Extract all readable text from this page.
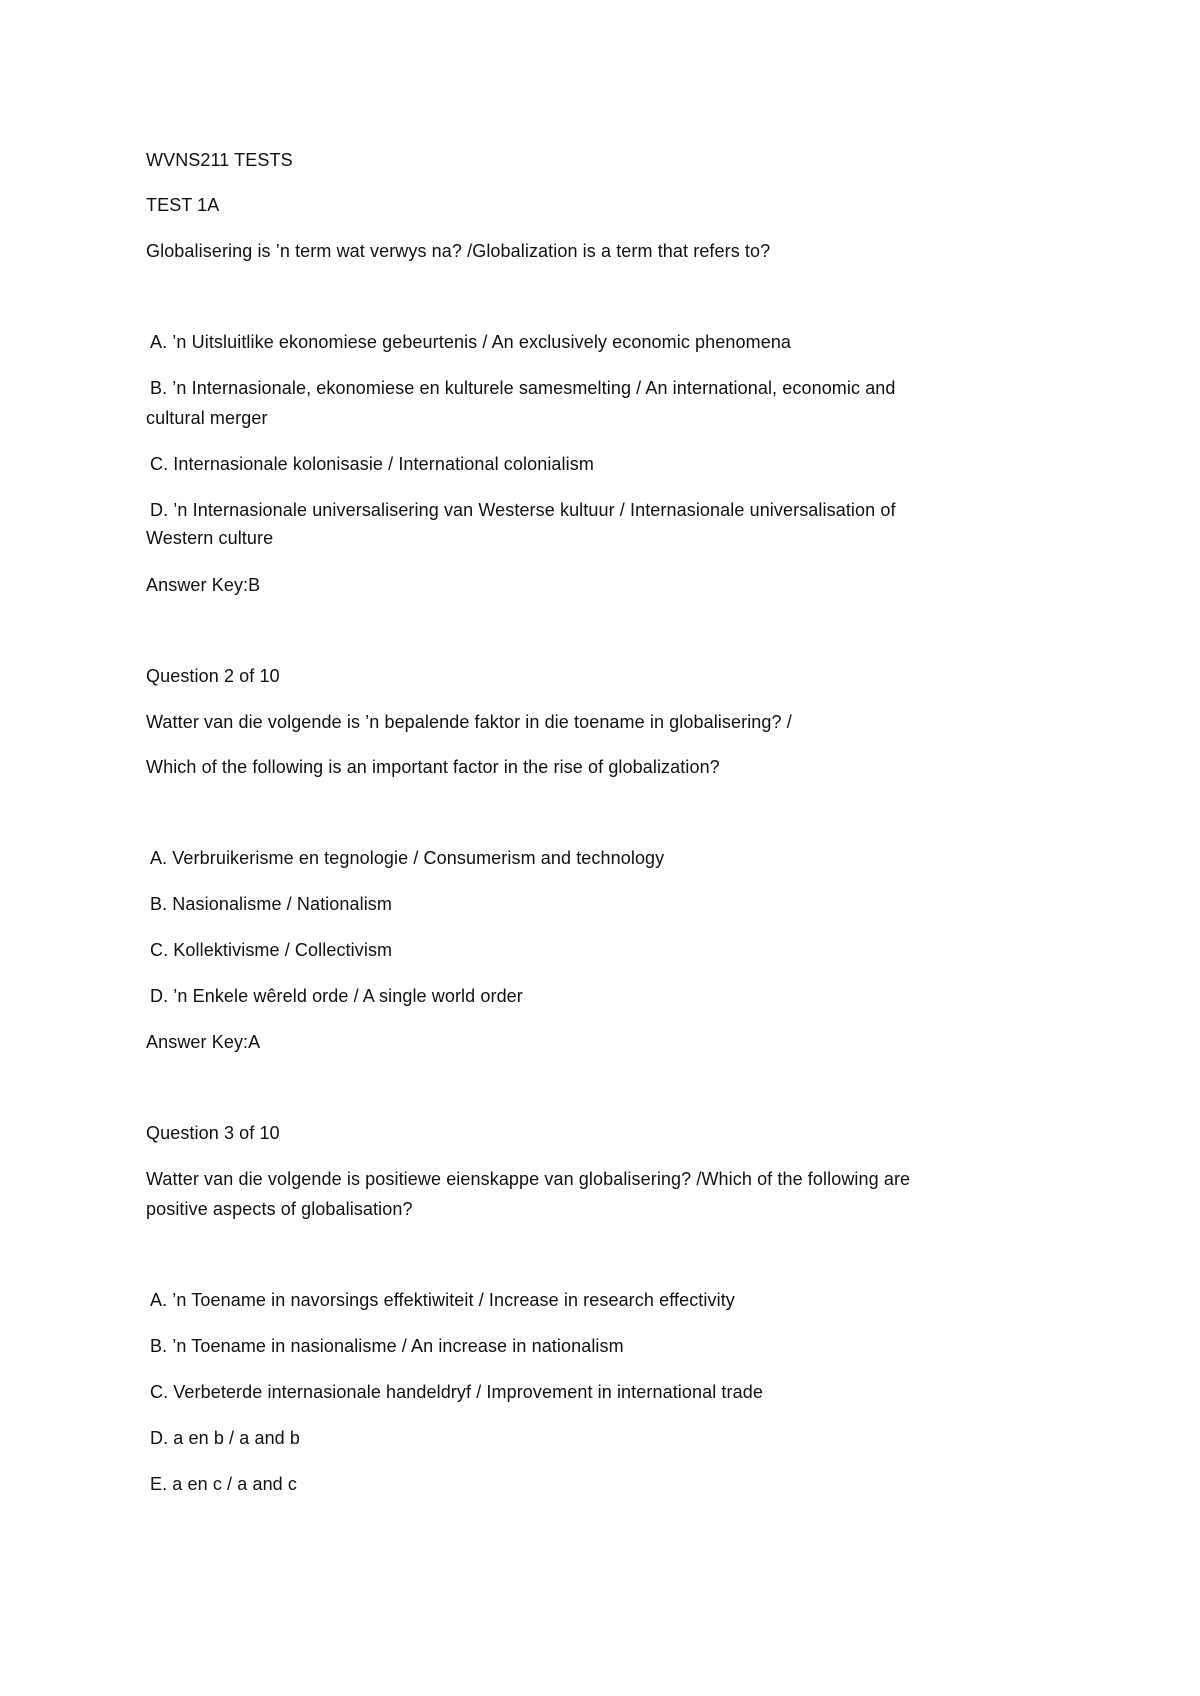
WVNS211 TESTS
TEST 1A
Globalisering is ’n term wat verwys na? /Globalization is a term that refers to?
A. ’n Uitsluitlike ekonomiese gebeurtenis / An exclusively economic phenomena
B. ’n Internasionale, ekonomiese en kulturele samesmelting / An international, economic and
cultural merger
C. Internasionale kolonisasie / International colonialism
D. ’n Internasionale universalisering van Westerse kultuur / Internasionale universalisation of
Western culture
Answer Key:B
Question 2 of 10
Watter van die volgende is ’n bepalende faktor in die toename in globalisering? /
Which of the following is an important factor in the rise of globalization?
A. Verbruikerisme en tegnologie / Consumerism and technology
B. Nasionalisme / Nationalism
C. Kollektivisme / Collectivism
D. ’n Enkele wêreld orde / A single world order
Answer Key:A
Question 3 of 10
Watter van die volgende is positiewe eienskappe van globalisering? /Which of the following are
positive aspects of globalisation?
A. ’n Toename in navorsings effektiwiteit / Increase in research effectivity
B. ’n Toename in nasionalisme / An increase in nationalism
C. Verbeterde internasionale handeldryf / Improvement in international trade
D. a en b / a and b
E. a en c / a and c
